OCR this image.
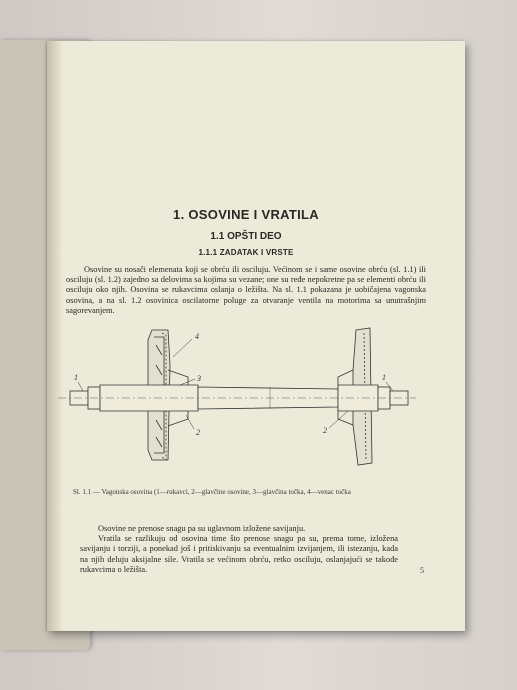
1. OSOVINE I VRATILA
1.1 OPŠTI DEO
1.1.1 ZADATAK I VRSTE

Osovine su nosači elemenata koji se obrću ili osciluju. Većinom se i same osovine obrću (sl. 1.1) ili osciluju (sl. 1.2) zajedno sa delovima sa kojima su vezane; one su ređe nepokretne pa se elementi obrću ili osciluju oko njih. Osovina se rukavcima oslanja o ležišta. Na sl. 1.1 pokazana je uobičajena vagonska osovina, a na sl. 1.2 osovinica oscilatorne poluge za otvaranje ventila na motorima sa unutrašnjim sagorevanjem.

1
4
3
2	2
1
Sl. 1.1 — Vagonska osovina (1—rukavci, 2—glavčine osovine, 3—glavčina točka, 4—venac točka

Osovine ne prenose snagu pa su uglavnom izložene savijanju.

Vratila se razlikuju od osovina time što prenose snagu pa su, prema tome, izložena savijanju i torziji, a ponekad još i pritiskivanju sa eventualnim izvijanjem, ili istezanju, kada na njih deluju aksijalne sile. Vratila se većinom obrću, retko osciluju, oslanjajući se takođe rukavcima o ležišta.	5
